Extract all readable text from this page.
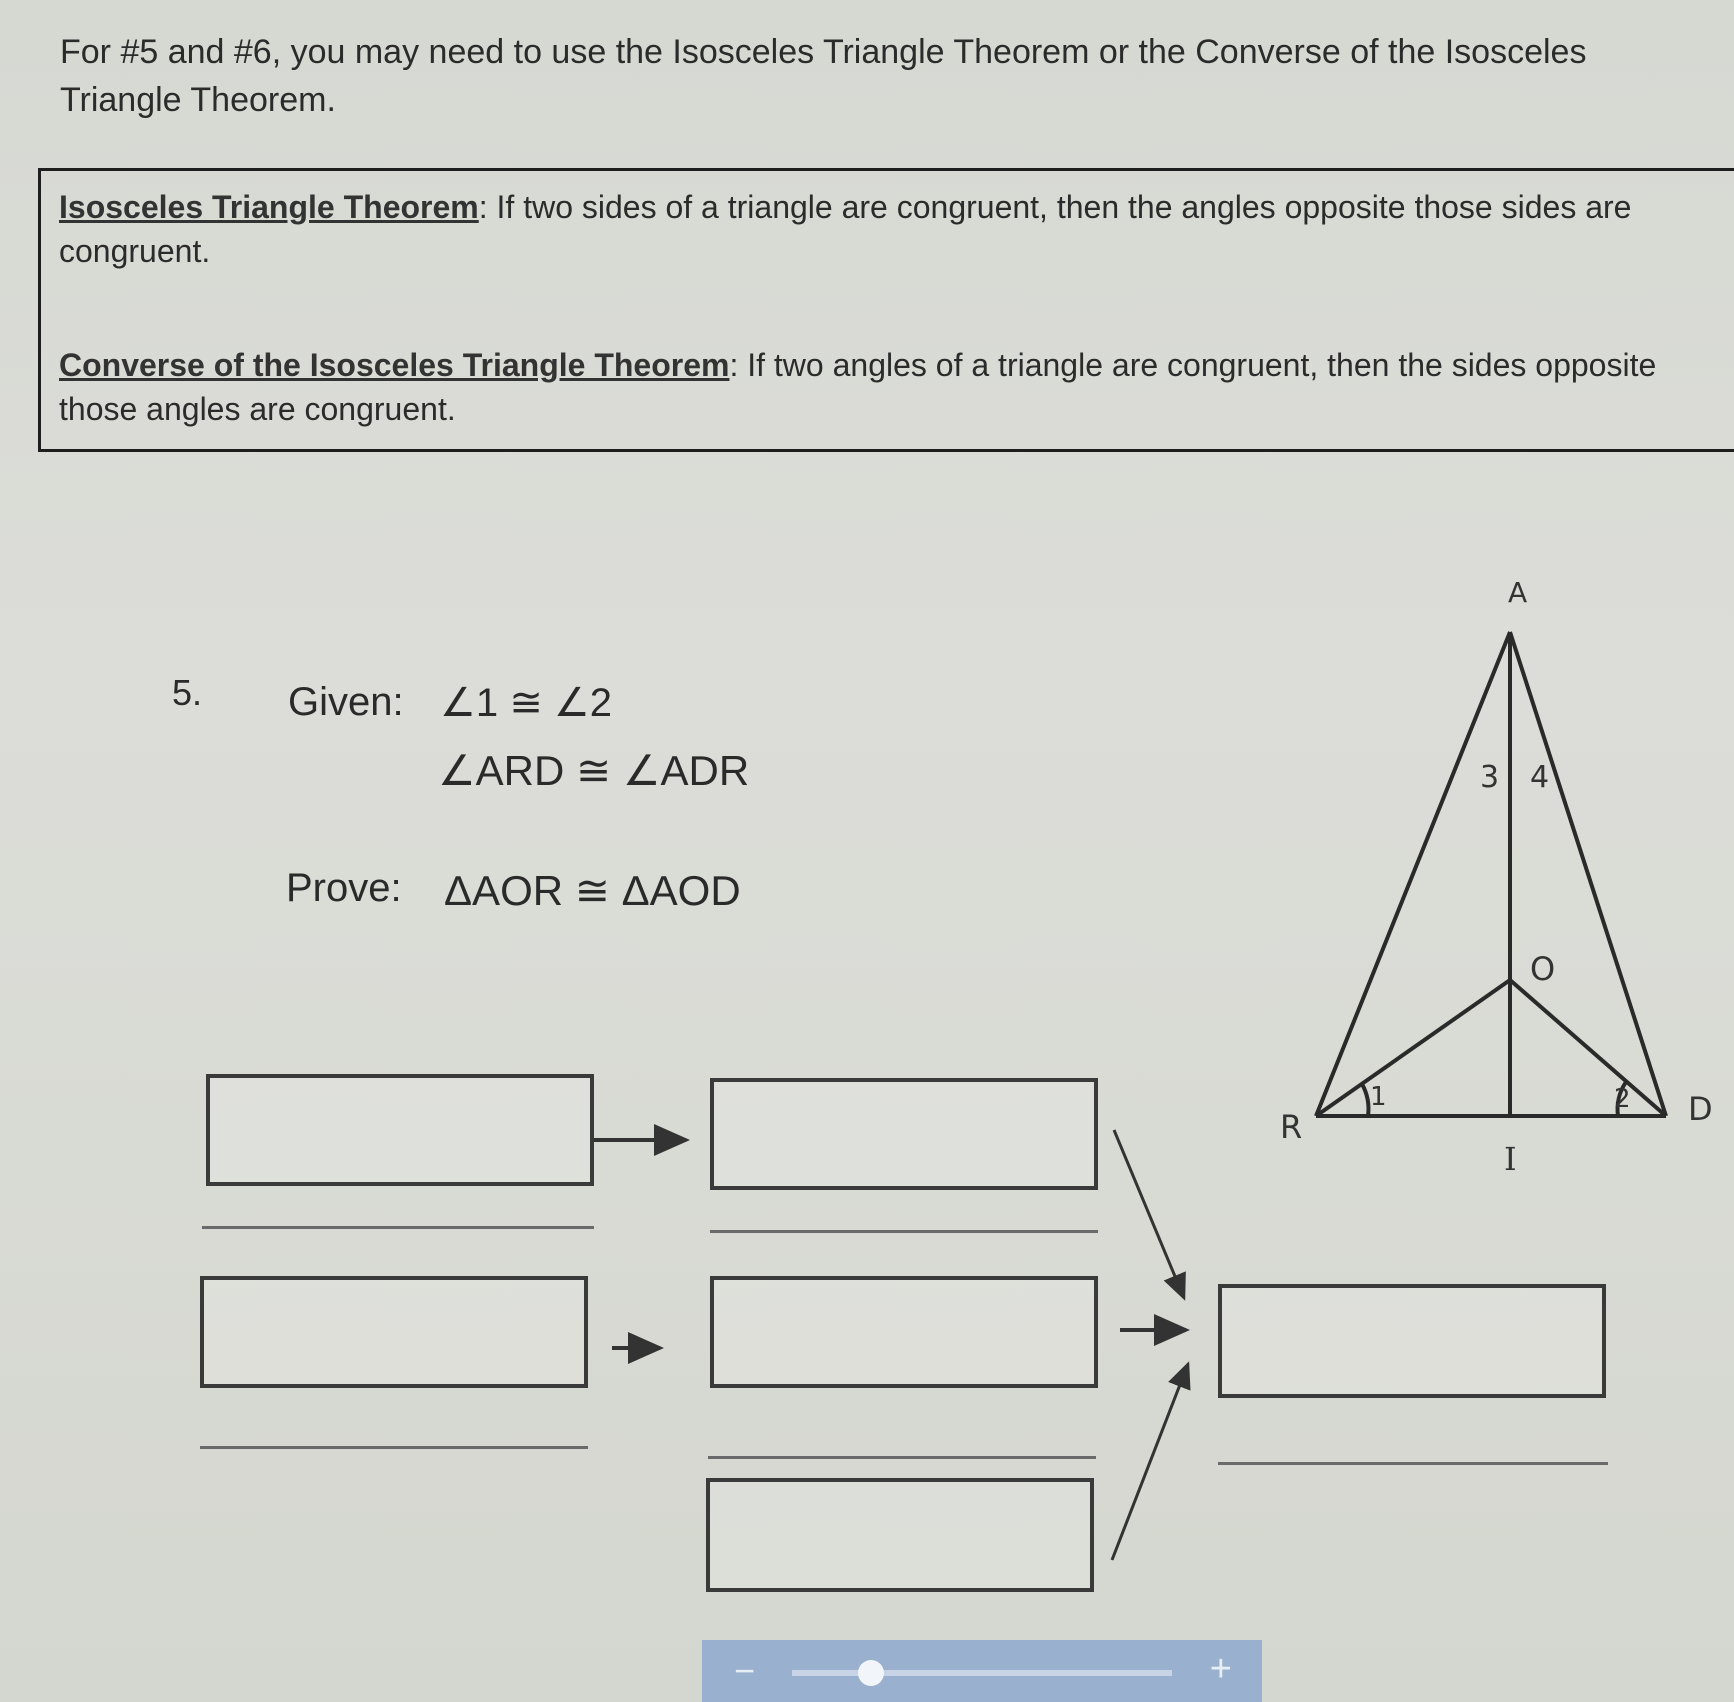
For #5 and #6, you may need to use the Isosceles Triangle Theorem or the Converse of the Isosceles Triangle Theorem.
Isosceles Triangle Theorem: If two sides of a triangle are congruent, then the angles opposite those sides are congruent.
Converse of the Isosceles Triangle Theorem: If two angles of a triangle are congruent, then the sides opposite those angles are congruent.
5. Given: ∠1 ≅ ∠2
∠ARD ≅ ∠ADR
Prove: ΔAOR ≅ ΔAOD
A
R	D
O
I
1	2
3 4
−	+
